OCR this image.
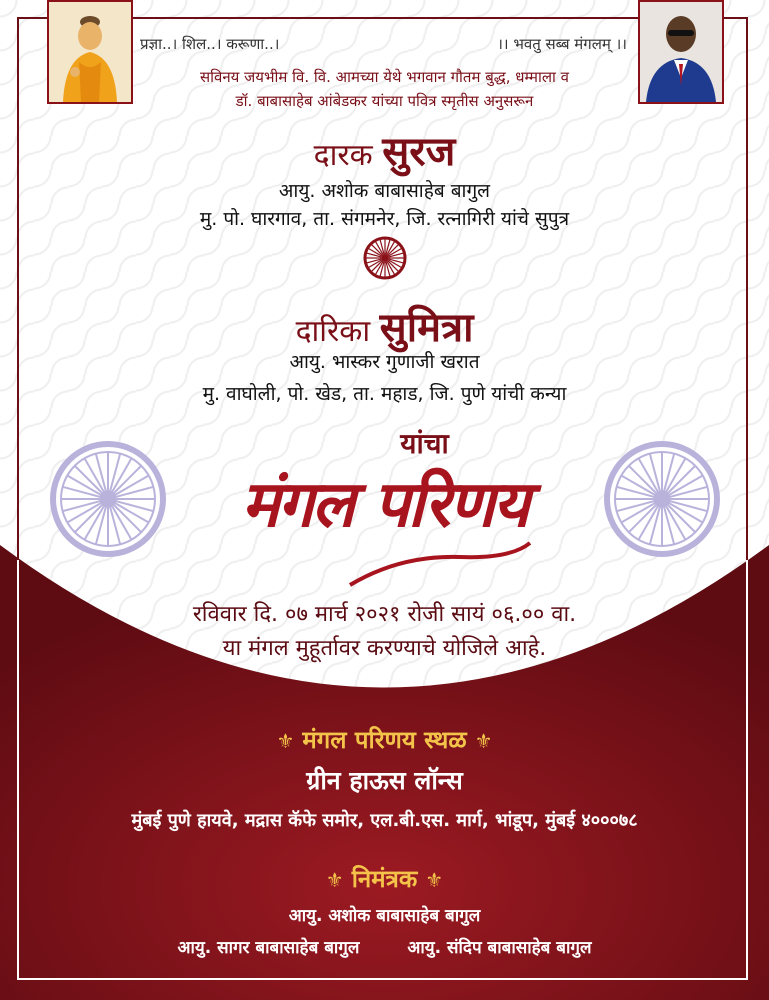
प्रज्ञा..। शिल..। करूणा..।	।। भवतु सब्ब मंगलम् ।।
सविनय जयभीम वि. वि. आमच्या येथे भगवान गौतम बुद्ध, धम्माला व
डॉ. बाबासाहेब आंबेडकर यांच्या पवित्र स्मृतीस अनुसरून
दारक सुरज
आयु. अशोक बाबासाहेब बागुल
मु. पो. घारगाव, ता. संगमनेर, जि. रत्नागिरी यांचे सुपुत्र
दारिका सुमित्रा
आयु. भास्कर गुणाजी खरात
मु. वाघोली, पो. खेड, ता. महाड, जि. पुणे यांची कन्या
यांचा
मंगल परिणय
रविवार दि. ०७ मार्च २०२१ रोजी सायं ०६.०० वा.
या मंगल मुहूर्तावर करण्याचे योजिले आहे.
⚜ मंगल परिणय स्थळ ⚜
ग्रीन हाऊस लॉन्स
मुंबई पुणे हायवे, मद्रास कॅफे समोर, एल.बी.एस. मार्ग, भांडूप, मुंबई ४०००७८
⚜ निमंत्रक ⚜
आयु. अशोक बाबासाहेब बागुल
आयु. सागर बाबासाहेब बागुल	आयु. संदिप बाबासाहेब बागुल
